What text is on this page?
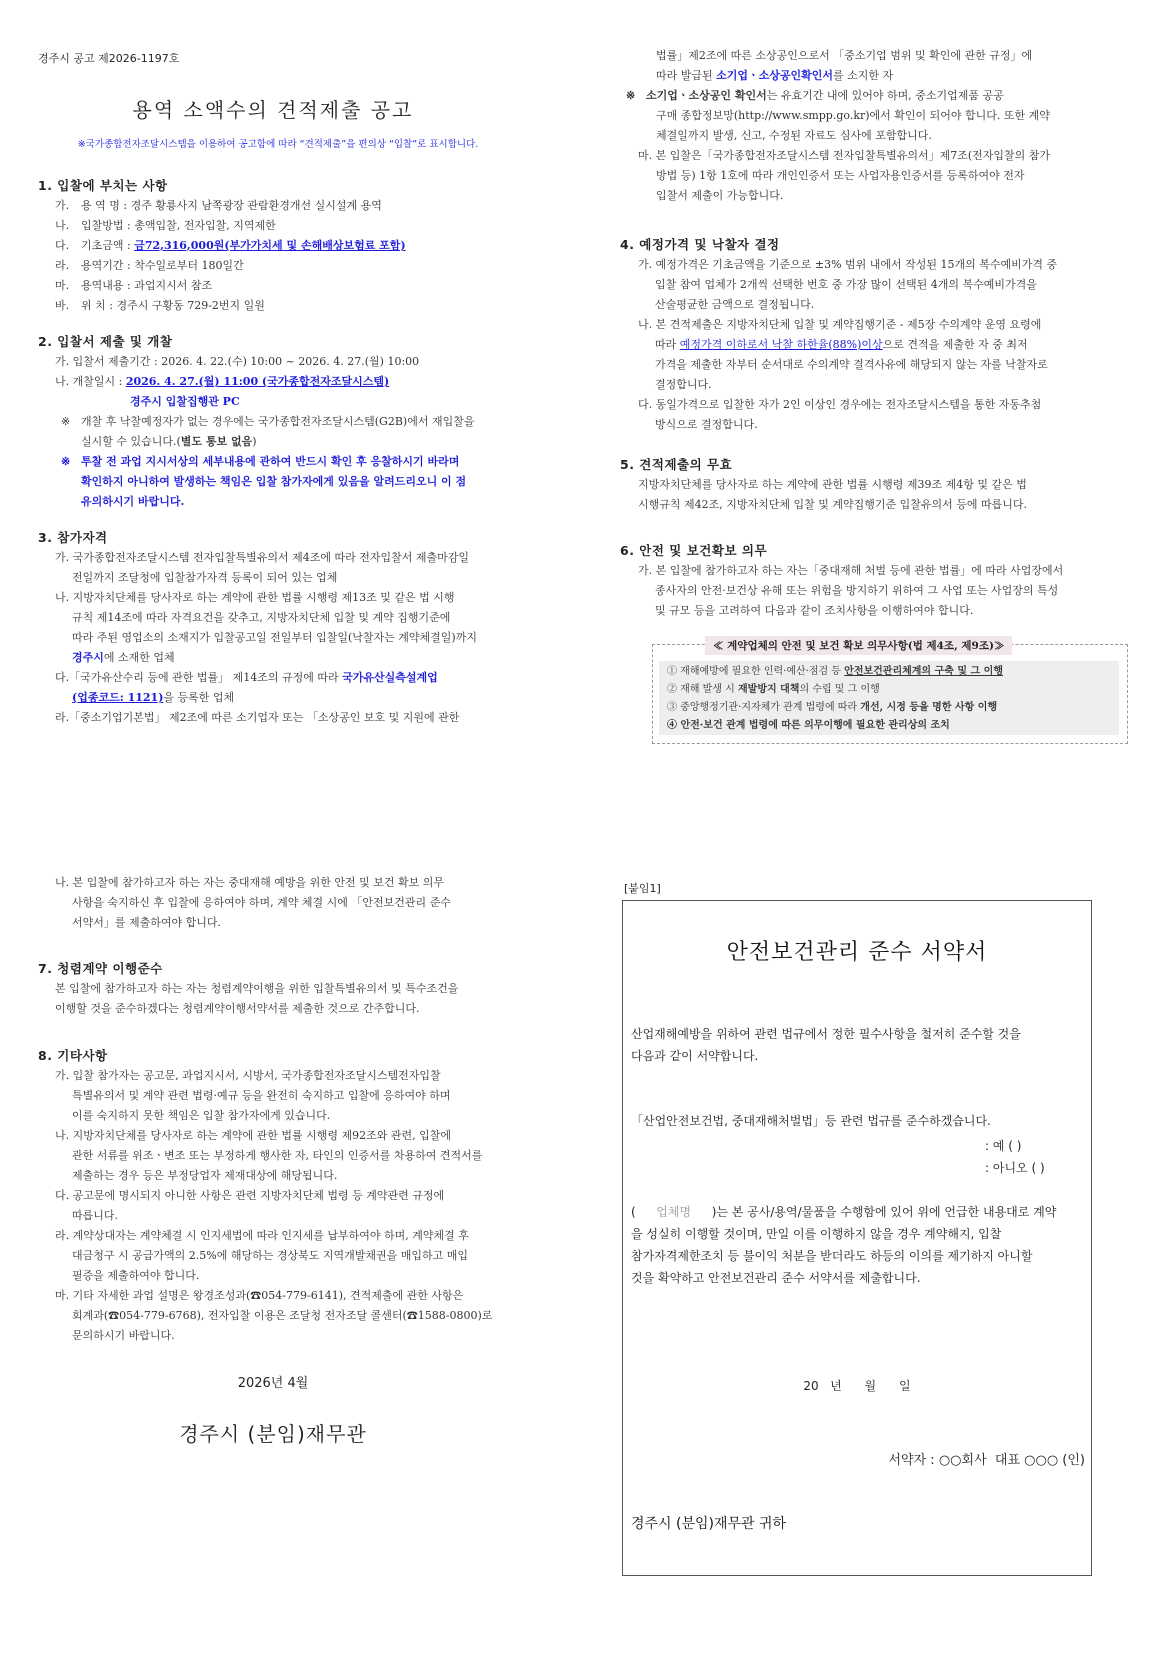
경주시 공고 제2026-1197호
용역 소액수의 견적제출 공고
※국가종합전자조달시스템을 이용하여 공고함에 따라 “견적제출”을 편의상 “입찰”로 표시합니다.
1. 입찰에 부치는 사항
가. 용 역 명 : 경주 황룡사지 남쪽광장 관람환경개선 실시설계 용역
나. 입찰방법 : 총액입찰, 전자입찰, 지역제한
다. 기초금액 : 금72,316,000원(부가가치세 및 손해배상보험료 포함)
라. 용역기간 : 착수일로부터 180일간
마. 용역내용 : 과업지시서 참조
바. 위 치 : 경주시 구황동 729-2번지 일원
2. 입찰서 제출 및 개찰
가. 입찰서 제출기간 : 2026. 4. 22.(수) 10:00 ~ 2026. 4. 27.(월) 10:00
나. 개찰일시 : 2026. 4. 27.(월) 11:00 (국가종합전자조달시스템)
경주시 입찰집행관 PC
※ 개찰 후 낙찰예정자가 없는 경우에는 국가종합전자조달시스템(G2B)에서 재입찰을
실시할 수 있습니다.(별도 통보 없음)
※ 투찰 전 과업 지시서상의 세부내용에 관하여 반드시 확인 후 응찰하시기 바라며
확인하지 아니하여 발생하는 책임은 입찰 참가자에게 있음을 알려드리오니 이 점
유의하시기 바랍니다.
3. 참가자격
가. 국가종합전자조달시스템 전자입찰특별유의서 제4조에 따라 전자입찰서 제출마감일
전일까지 조달청에 입찰참가자격 등록이 되어 있는 업체
나. 지방자치단체를 당사자로 하는 계약에 관한 법률 시행령 제13조 및 같은 법 시행
규칙 제14조에 따라 자격요건을 갖추고, 지방자치단체 입찰 및 계약 집행기준에
따라 주된 영업소의 소재지가 입찰공고일 전일부터 입찰일(낙찰자는 계약체결일)까지
경주시에 소재한 업체
다.「국가유산수리 등에 관한 법률」 제14조의 규정에 따라 국가유산실측설계업
(업종코드: 1121)을 등록한 업체
라.「중소기업기본법」 제2조에 따른 소기업자 또는 「소상공인 보호 및 지원에 관한
법률」제2조에 따른 소상공인으로서 「중소기업 범위 및 확인에 관한 규정」에
따라 발급된 소기업ㆍ소상공인확인서를 소지한 자
※ 소기업ㆍ소상공인 확인서는 유효기간 내에 있어야 하며, 중소기업제품 공공
구매 종합정보망(http://www.smpp.go.kr)에서 확인이 되어야 합니다. 또한 계약
체결일까지 발생, 신고, 수정된 자료도 심사에 포함합니다.
마. 본 입찰은「국가종합전자조달시스템 전자입찰특별유의서」제7조(전자입찰의 참가
방법 등) 1항 1호에 따라 개인인증서 또는 사업자용인증서를 등록하여야 전자
입찰서 제출이 가능합니다.
4. 예정가격 및 낙찰자 결정
가. 예정가격은 기초금액을 기준으로 ±3% 범위 내에서 작성된 15개의 복수예비가격 중
입찰 참여 업체가 2개씩 선택한 번호 중 가장 많이 선택된 4개의 복수예비가격을
산술평균한 금액으로 결정됩니다.
나. 본 견적제출은 지방자치단체 입찰 및 계약집행기준 - 제5장 수의계약 운영 요령에
따라 예정가격 이하로서 낙찰 하한율(88%)이상으로 견적을 제출한 자 중 최저
가격을 제출한 자부터 순서대로 수의계약 결격사유에 해당되지 않는 자를 낙찰자로
결정합니다.
다. 동일가격으로 입찰한 자가 2인 이상인 경우에는 전자조달시스템을 통한 자동추첨
방식으로 결정합니다.
5. 견적제출의 무효
지방자치단체를 당사자로 하는 계약에 관한 법률 시행령 제39조 제4항 및 같은 법
시행규칙 제42조, 지방자치단체 입찰 및 계약집행기준 입찰유의서 등에 따릅니다.
6. 안전 및 보건확보 의무
가. 본 입찰에 참가하고자 하는 자는「중대재해 처벌 등에 관한 법률」에 따라 사업장에서
종사자의 안전·보건상 유해 또는 위험을 방지하기 위하여 그 사업 또는 사업장의 특성
및 규모 등을 고려하여 다음과 같이 조치사항을 이행하여야 합니다.
≪ 계약업체의 안전 및 보건 확보 의무사항(법 제4조, 제9조)≫
① 재해예방에 필요한 인력·예산·점검 등 안전보건관리체계의 구축 및 그 이행
② 재해 발생 시 재발방지 대책의 수립 및 그 이행
③ 중앙행정기관·지자체가 관계 법령에 따라 개선, 시정 등을 명한 사항 이행
④ 안전·보건 관계 법령에 따른 의무이행에 필요한 관리상의 조치
나. 본 입찰에 참가하고자 하는 자는 중대재해 예방을 위한 안전 및 보건 확보 의무
사항을 숙지하신 후 입찰에 응하여야 하며, 계약 체결 시에 「안전보건관리 준수
서약서」를 제출하여야 합니다.
7. 청렴계약 이행준수
본 입찰에 참가하고자 하는 자는 청렴계약이행을 위한 입찰특별유의서 및 특수조건을
이행할 것을 준수하겠다는 청렴계약이행서약서를 제출한 것으로 간주합니다.
8. 기타사항
가. 입찰 참가자는 공고문, 과업지시서, 시방서, 국가종합전자조달시스템전자입찰
특별유의서 및 계약 관련 법령·예규 등을 완전히 숙지하고 입찰에 응하여야 하며
이를 숙지하지 못한 책임은 입찰 참가자에게 있습니다.
나. 지방자치단체를 당사자로 하는 계약에 관한 법률 시행령 제92조와 관련, 입찰에
관한 서류를 위조ㆍ변조 또는 부정하게 행사한 자, 타인의 인증서를 차용하여 견적서를
제출하는 경우 등은 부정당업자 제재대상에 해당됩니다.
다. 공고문에 명시되지 아니한 사항은 관련 지방자치단체 법령 등 계약관련 규정에
따릅니다.
라. 계약상대자는 계약체결 시 인지세법에 따라 인지세를 납부하여야 하며, 계약체결 후
대금청구 시 공급가액의 2.5%에 해당하는 경상북도 지역개발채권을 매입하고 매입
필증을 제출하여야 합니다.
마. 기타 자세한 과업 설명은 왕경조성과(☎054-779-6141), 견적제출에 관한 사항은
회계과(☎054-779-6768), 전자입찰 이용은 조달청 전자조달 콜센터(☎1588-0800)로
문의하시기 바랍니다.
2026년 4월
경주시 (분임)재무관
[붙임1]
안전보건관리 준수 서약서
산업재해예방을 위하여 관련 법규에서 정한 필수사항을 철저히 준수할 것을
다음과 같이 서약합니다.
「산업안전보건법, 중대재해처벌법」등 관련 법규를 준수하겠습니다.
: 예 ( )
: 아니오 ( )
( 업체명 )는 본 공사/용역/물품을 수행함에 있어 위에 언급한 내용대로 계약
을 성실히 이행할 것이며, 만일 이를 이행하지 않을 경우 계약해지, 입찰
참가자격제한조치 등 불이익 처분을 받더라도 하등의 이의를 제기하지 아니할
것을 확약하고 안전보건관리 준수 서약서를 제출합니다.
20   년      월      일
서약자 : ○○회사  대표 ○○○ (인)
경주시 (분임)재무관 귀하
